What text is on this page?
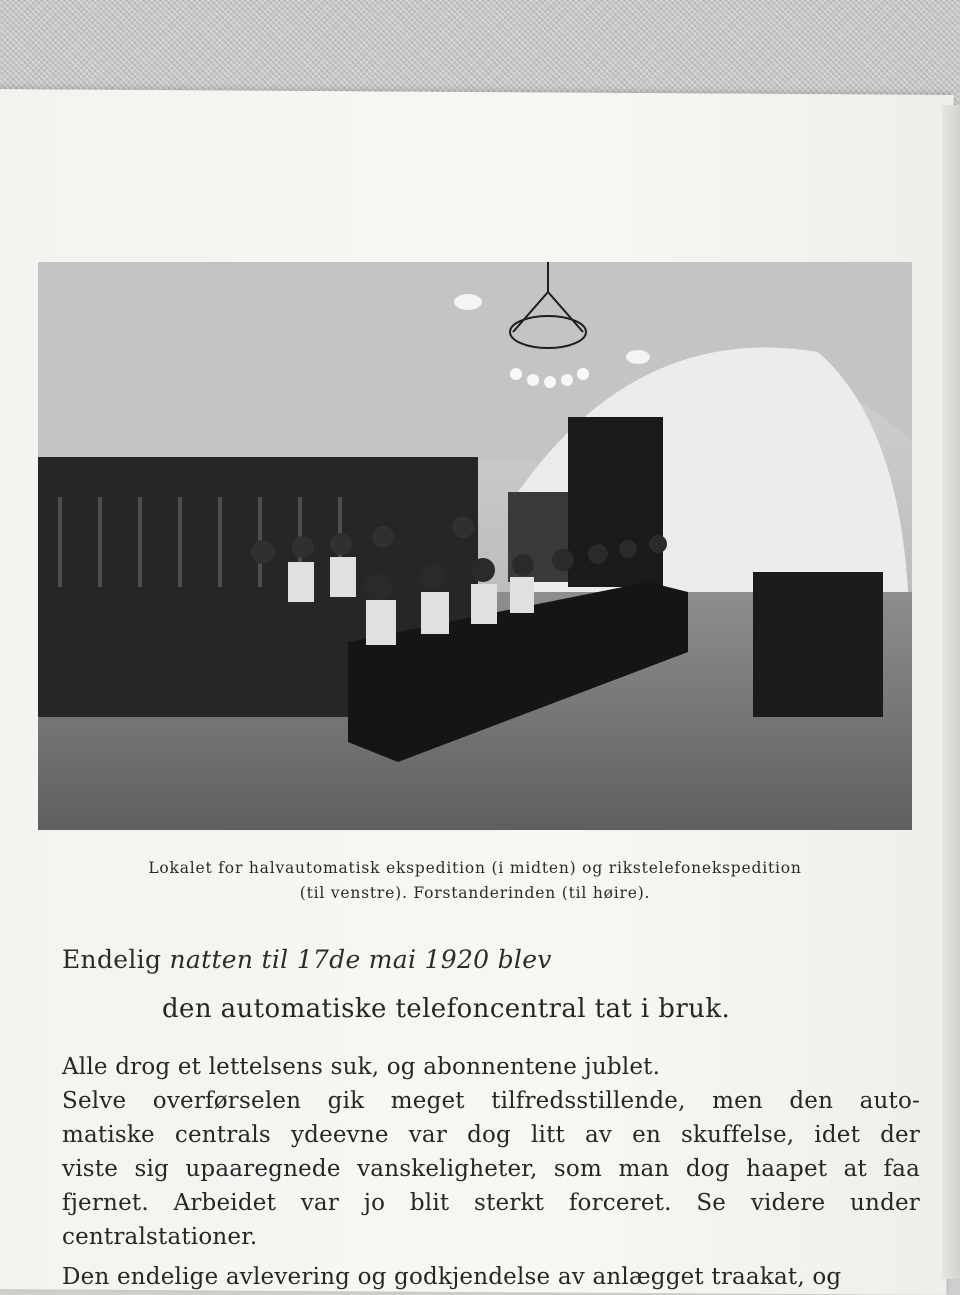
Lokalet for halvautomatisk ekspedition (i midten) og rikstelefonekspedition
(til venstre). Forstanderinden (til høire).
Endelig natten til 17de mai 1920 blev
den automatiske telefoncentral tat i bruk.
Alle drog et lettelsens suk, og abonnentene jublet.
Selve overførselen gik meget tilfredsstillende, men den auto-
matiske centrals ydeevne var dog litt av en skuffelse, idet der
viste sig upaaregnede vanskeligheter, som man dog haapet at faa
fjernet. Arbeidet var jo blit sterkt forceret. Se videre under
centralstationer.
Den endelige avlevering og godkjendelse av anlægget traakat, og
